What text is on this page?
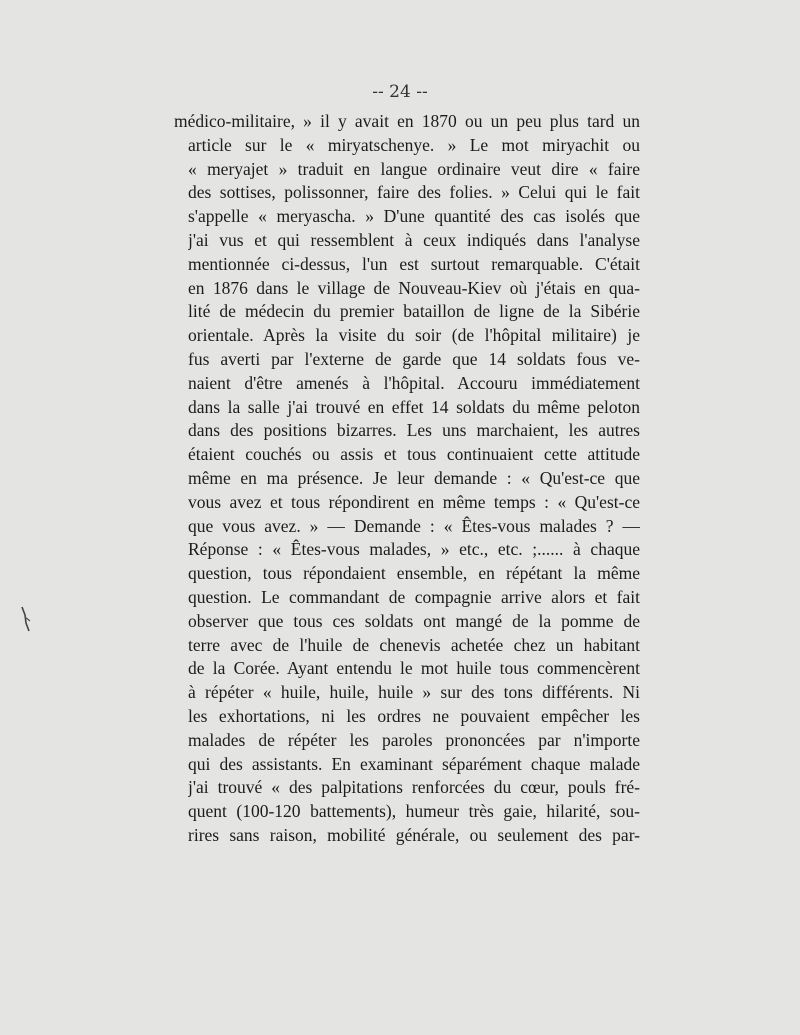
-- 24 --
médico-militaire, » il y avait en 1870 ou un peu plus tard un
article sur le « miryatschenye. » Le mot miryachit ou
« meryajet » traduit en langue ordinaire veut dire « faire
des sottises, polissonner, faire des folies. » Celui qui le fait
s'appelle « meryascha. » D'une quantité des cas isolés que
j'ai vus et qui ressemblent à ceux indiqués dans l'analyse
mentionnée ci-dessus, l'un est surtout remarquable. C'était
en 1876 dans le village de Nouveau-Kiev où j'étais en qua-
lité de médecin du premier bataillon de ligne de la Sibérie
orientale. Après la visite du soir (de l'hôpital militaire) je
fus averti par l'externe de garde que 14 soldats fous ve-
naient d'être amenés à l'hôpital. Accouru immédiatement
dans la salle j'ai trouvé en effet 14 soldats du même peloton
dans des positions bizarres. Les uns marchaient, les autres
étaient couchés ou assis et tous continuaient cette attitude
même en ma présence. Je leur demande : « Qu'est-ce que
vous avez et tous répondirent en même temps : « Qu'est-ce
que vous avez. » — Demande : « Êtes-vous malades ? —
Réponse : « Êtes-vous malades, » etc., etc. ;...... à chaque
question, tous répondaient ensemble, en répétant la même
question. Le commandant de compagnie arrive alors et fait
observer que tous ces soldats ont mangé de la pomme de
terre avec de l'huile de chenevis achetée chez un habitant
de la Corée. Ayant entendu le mot huile tous commencèrent
à répéter « huile, huile, huile » sur des tons différents. Ni
les exhortations, ni les ordres ne pouvaient empêcher les
malades de répéter les paroles prononcées par n'importe
qui des assistants. En examinant séparément chaque malade
j'ai trouvé « des palpitations renforcées du cœur, pouls fré-
quent (100-120 battements), humeur très gaie, hilarité, sou-
rires sans raison, mobilité générale, ou seulement des par-
